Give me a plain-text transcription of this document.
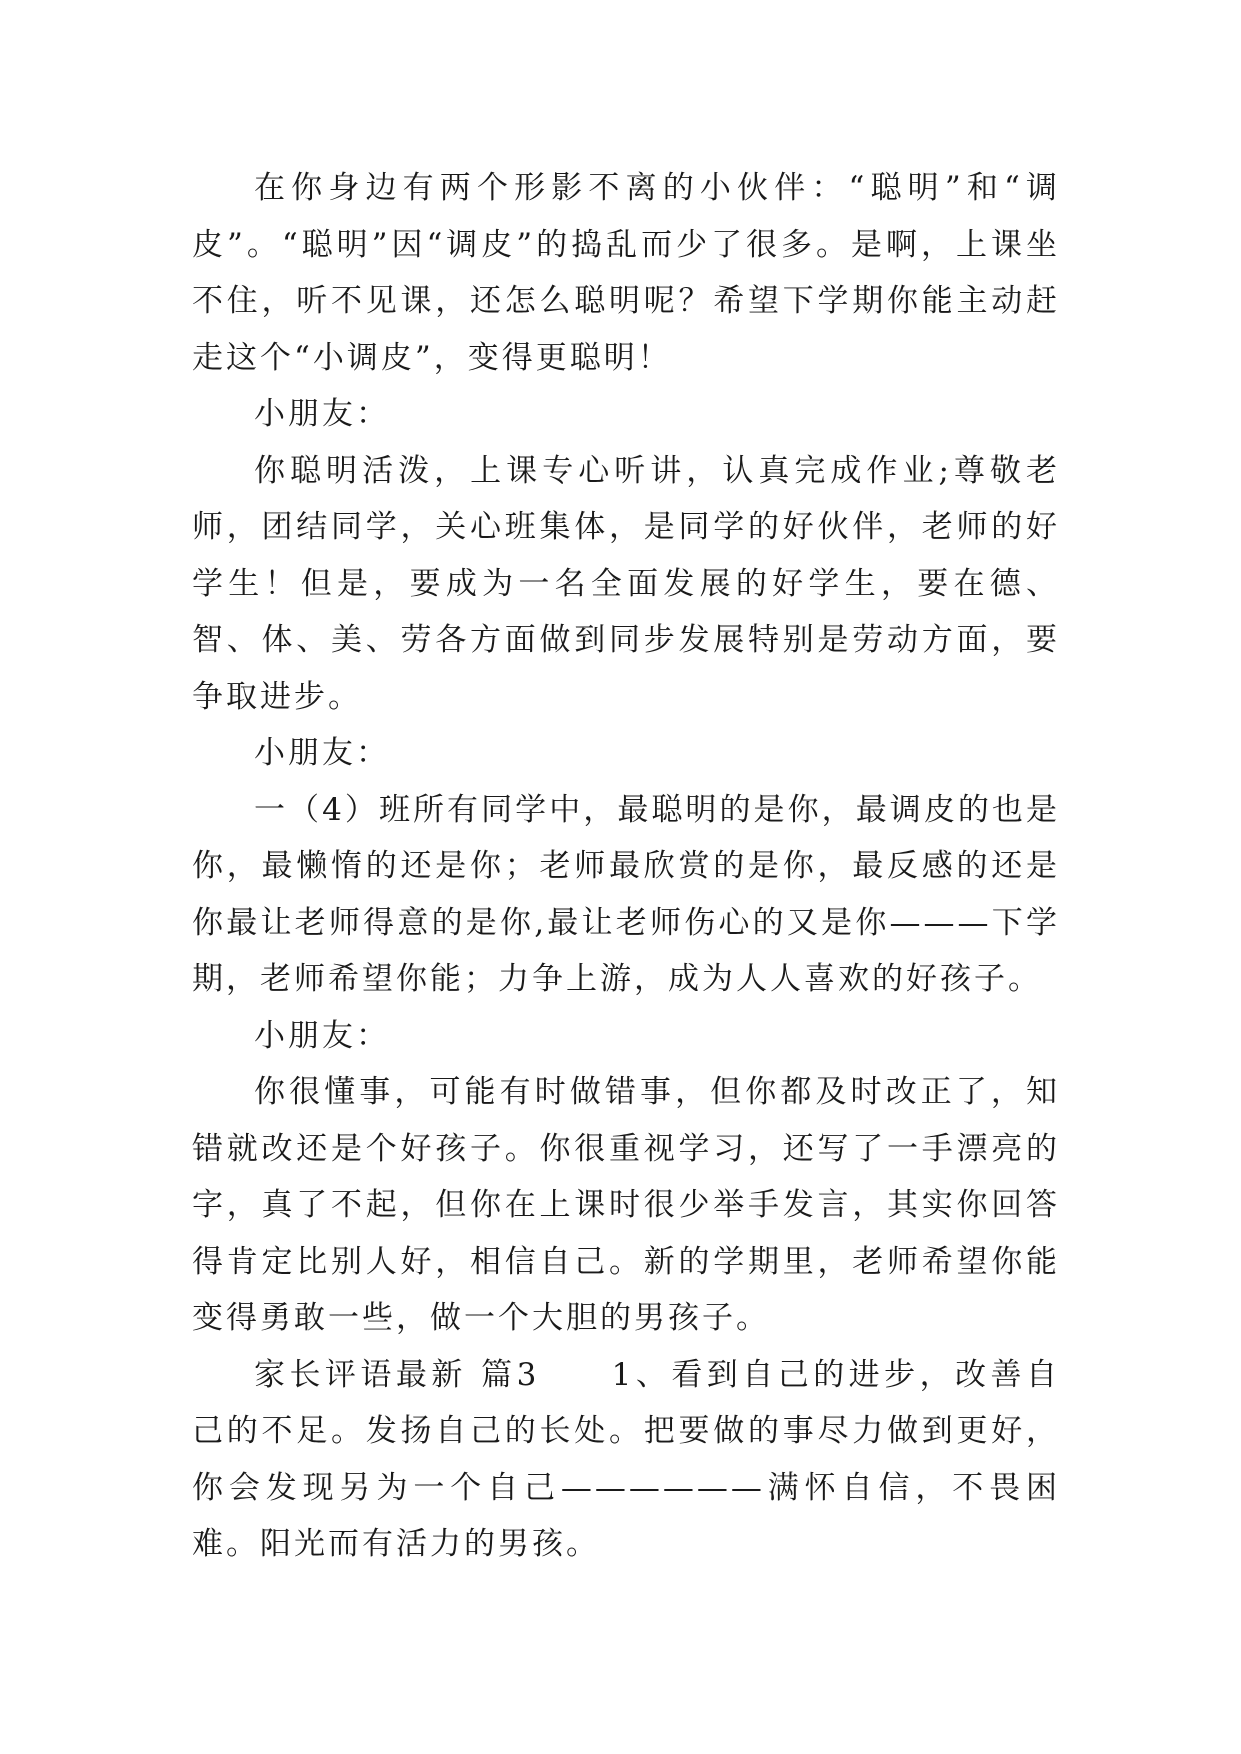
在你身边有两个形影不离的小伙伴：“聪明”和“调皮”。“聪明”因“调皮”的捣乱而少了很多。是啊，上课坐不住，听不见课，还怎么聪明呢？希望下学期你能主动赶走这个“小调皮”，变得更聪明！

小朋友：

你聪明活泼，上课专心听讲，认真完成作业;尊敬老师，团结同学，关心班集体，是同学的好伙伴，老师的好学生！但是，要成为一名全面发展的好学生，要在德、智、体、美、劳各方面做到同步发展特别是劳动方面，要争取进步。

小朋友：

一（4）班所有同学中，最聪明的是你，最调皮的也是你，最懒惰的还是你；老师最欣赏的是你，最反感的还是你最让老师得意的是你,最让老师伤心的又是你———下学期，老师希望你能；力争上游，成为人人喜欢的好孩子。

小朋友：

你很懂事，可能有时做错事，但你都及时改正了，知错就改还是个好孩子。你很重视学习，还写了一手漂亮的字，真了不起，但你在上课时很少举手发言，其实你回答得肯定比别人好，相信自己。新的学期里，老师希望你能变得勇敢一些，做一个大胆的男孩子。

家长评语最新 篇3　　1、看到自己的进步，改善自己的不足。发扬自己的长处。把要做的事尽力做到更好，你会发现另为一个自己——————满怀自信，不畏困难。阳光而有活力的男孩。
